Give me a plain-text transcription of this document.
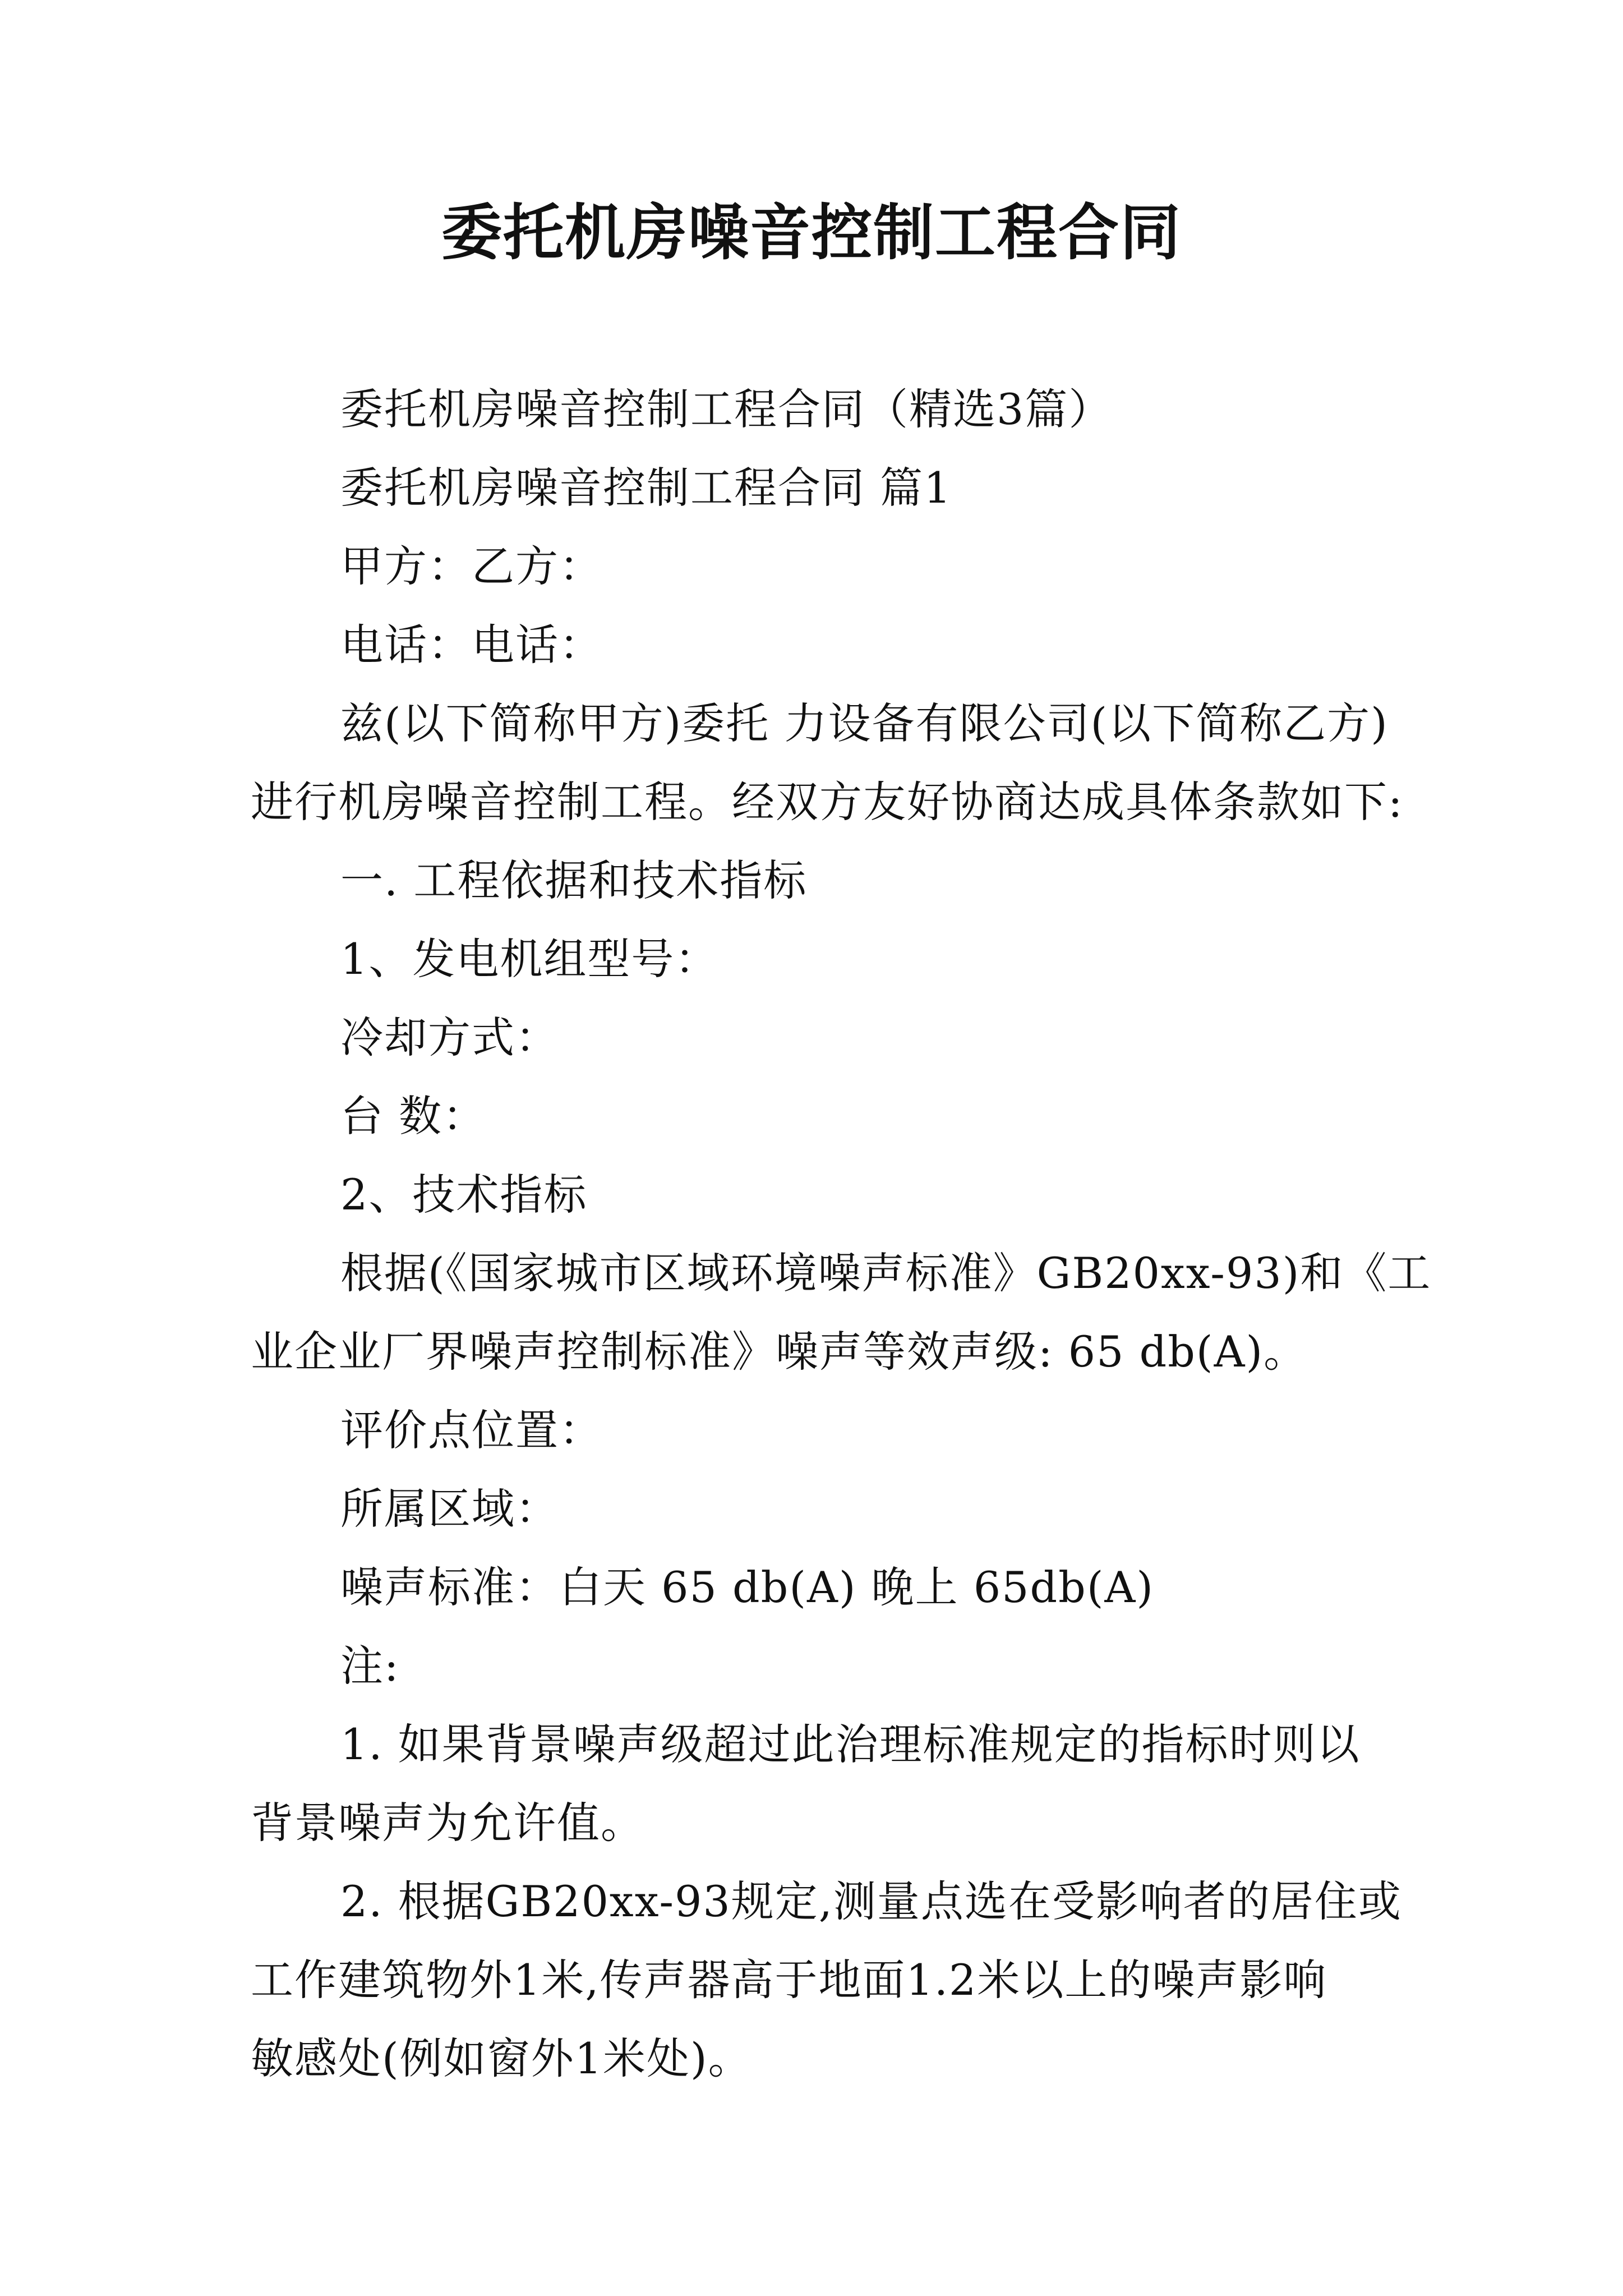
委托机房噪音控制工程合同

委托机房噪音控制工程合同（精选3篇）

委托机房噪音控制工程合同 篇1

甲方：乙方：

电话：电话：

兹(以下简称甲方)委托 力设备有限公司(以下简称乙方)

进行机房噪音控制工程。经双方友好协商达成具体条款如下:

一. 工程依据和技术指标

1、发电机组型号：

冷却方式：

台 数：

2、技术指标

根据(《国家城市区域环境噪声标准》GB20xx-93)和《工

业企业厂界噪声控制标准》噪声等效声级: 65 db(A)。

评价点位置：

所属区域：

噪声标准：白天 65 db(A) 晚上 65db(A)

注:

1. 如果背景噪声级超过此治理标准规定的指标时则以

背景噪声为允许值。

2. 根据GB20xx-93规定,测量点选在受影响者的居住或

工作建筑物外1米,传声器高于地面1.2米以上的噪声影响

敏感处(例如窗外1米处)。
